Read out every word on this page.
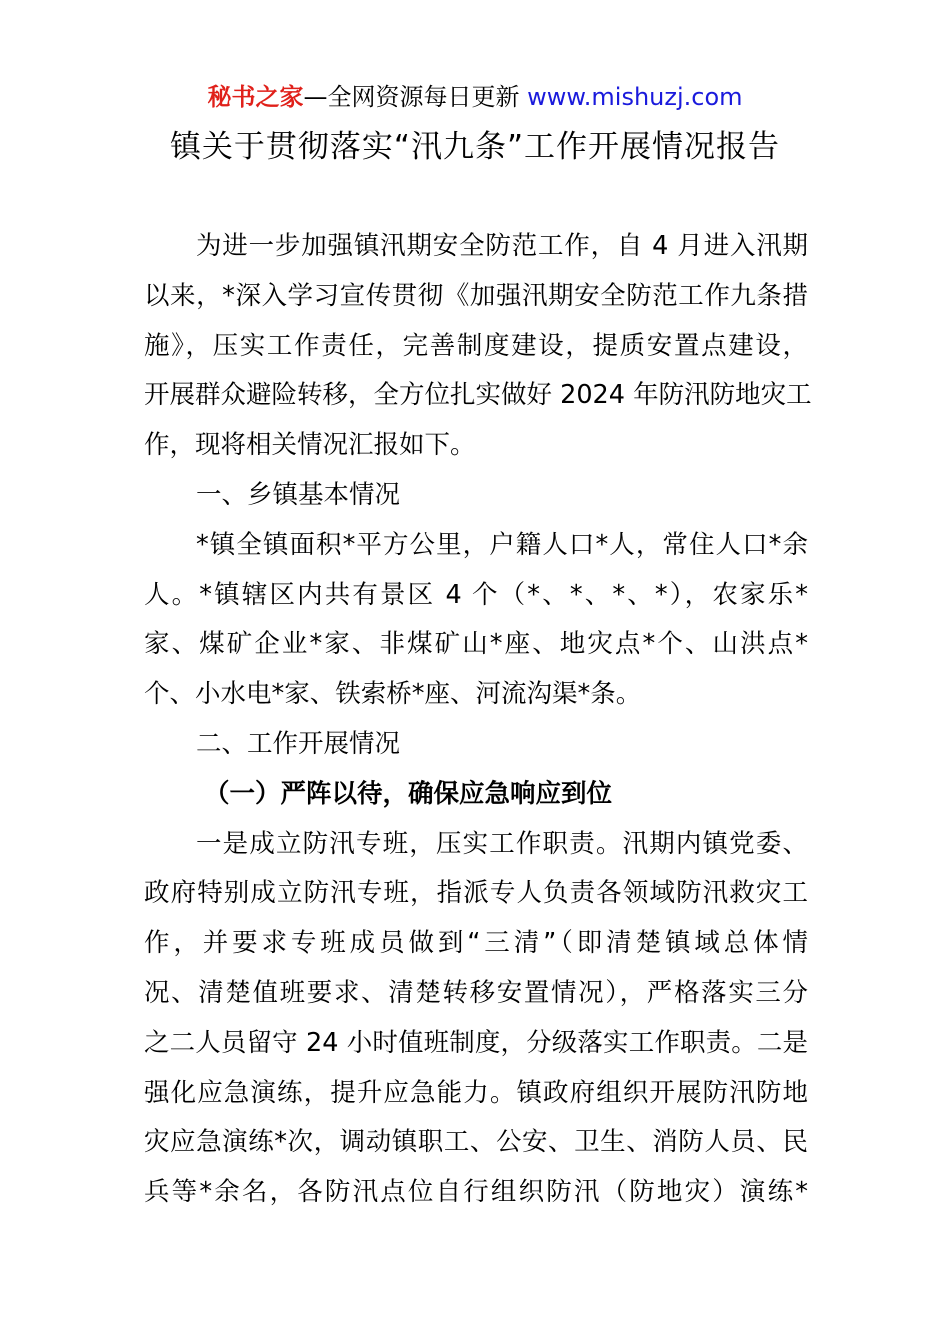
秘书之家—全网资源每日更新 www.mishuzj.com
镇关于贯彻落实“汛九条”工作开展情况报告
为进一步加强镇汛期安全防范工作，自 4 月进入汛期
以来，*深入学习宣传贯彻《加强汛期安全防范工作九条措
施》，压实工作责任，完善制度建设，提质安置点建设，
开展群众避险转移，全方位扎实做好 2024 年防汛防地灾工
作，现将相关情况汇报如下。
一、乡镇基本情况
*镇全镇面积*平方公里，户籍人口*人，常住人口*余
人。*镇辖区内共有景区 4 个（*、*、*、*），农家乐*
家、煤矿企业*家、非煤矿山*座、地灾点*个、山洪点*
个、小水电*家、铁索桥*座、河流沟渠*条。
二、工作开展情况
（一）严阵以待，确保应急响应到位
一是成立防汛专班，压实工作职责。汛期内镇党委、
政府特别成立防汛专班，指派专人负责各领域防汛救灾工
作，并要求专班成员做到“三清”（即清楚镇域总体情
况、清楚值班要求、清楚转移安置情况），严格落实三分
之二人员留守 24 小时值班制度，分级落实工作职责。二是
强化应急演练，提升应急能力。镇政府组织开展防汛防地
灾应急演练*次，调动镇职工、公安、卫生、消防人员、民
兵等*余名，各防汛点位自行组织防汛（防地灾）演练*
